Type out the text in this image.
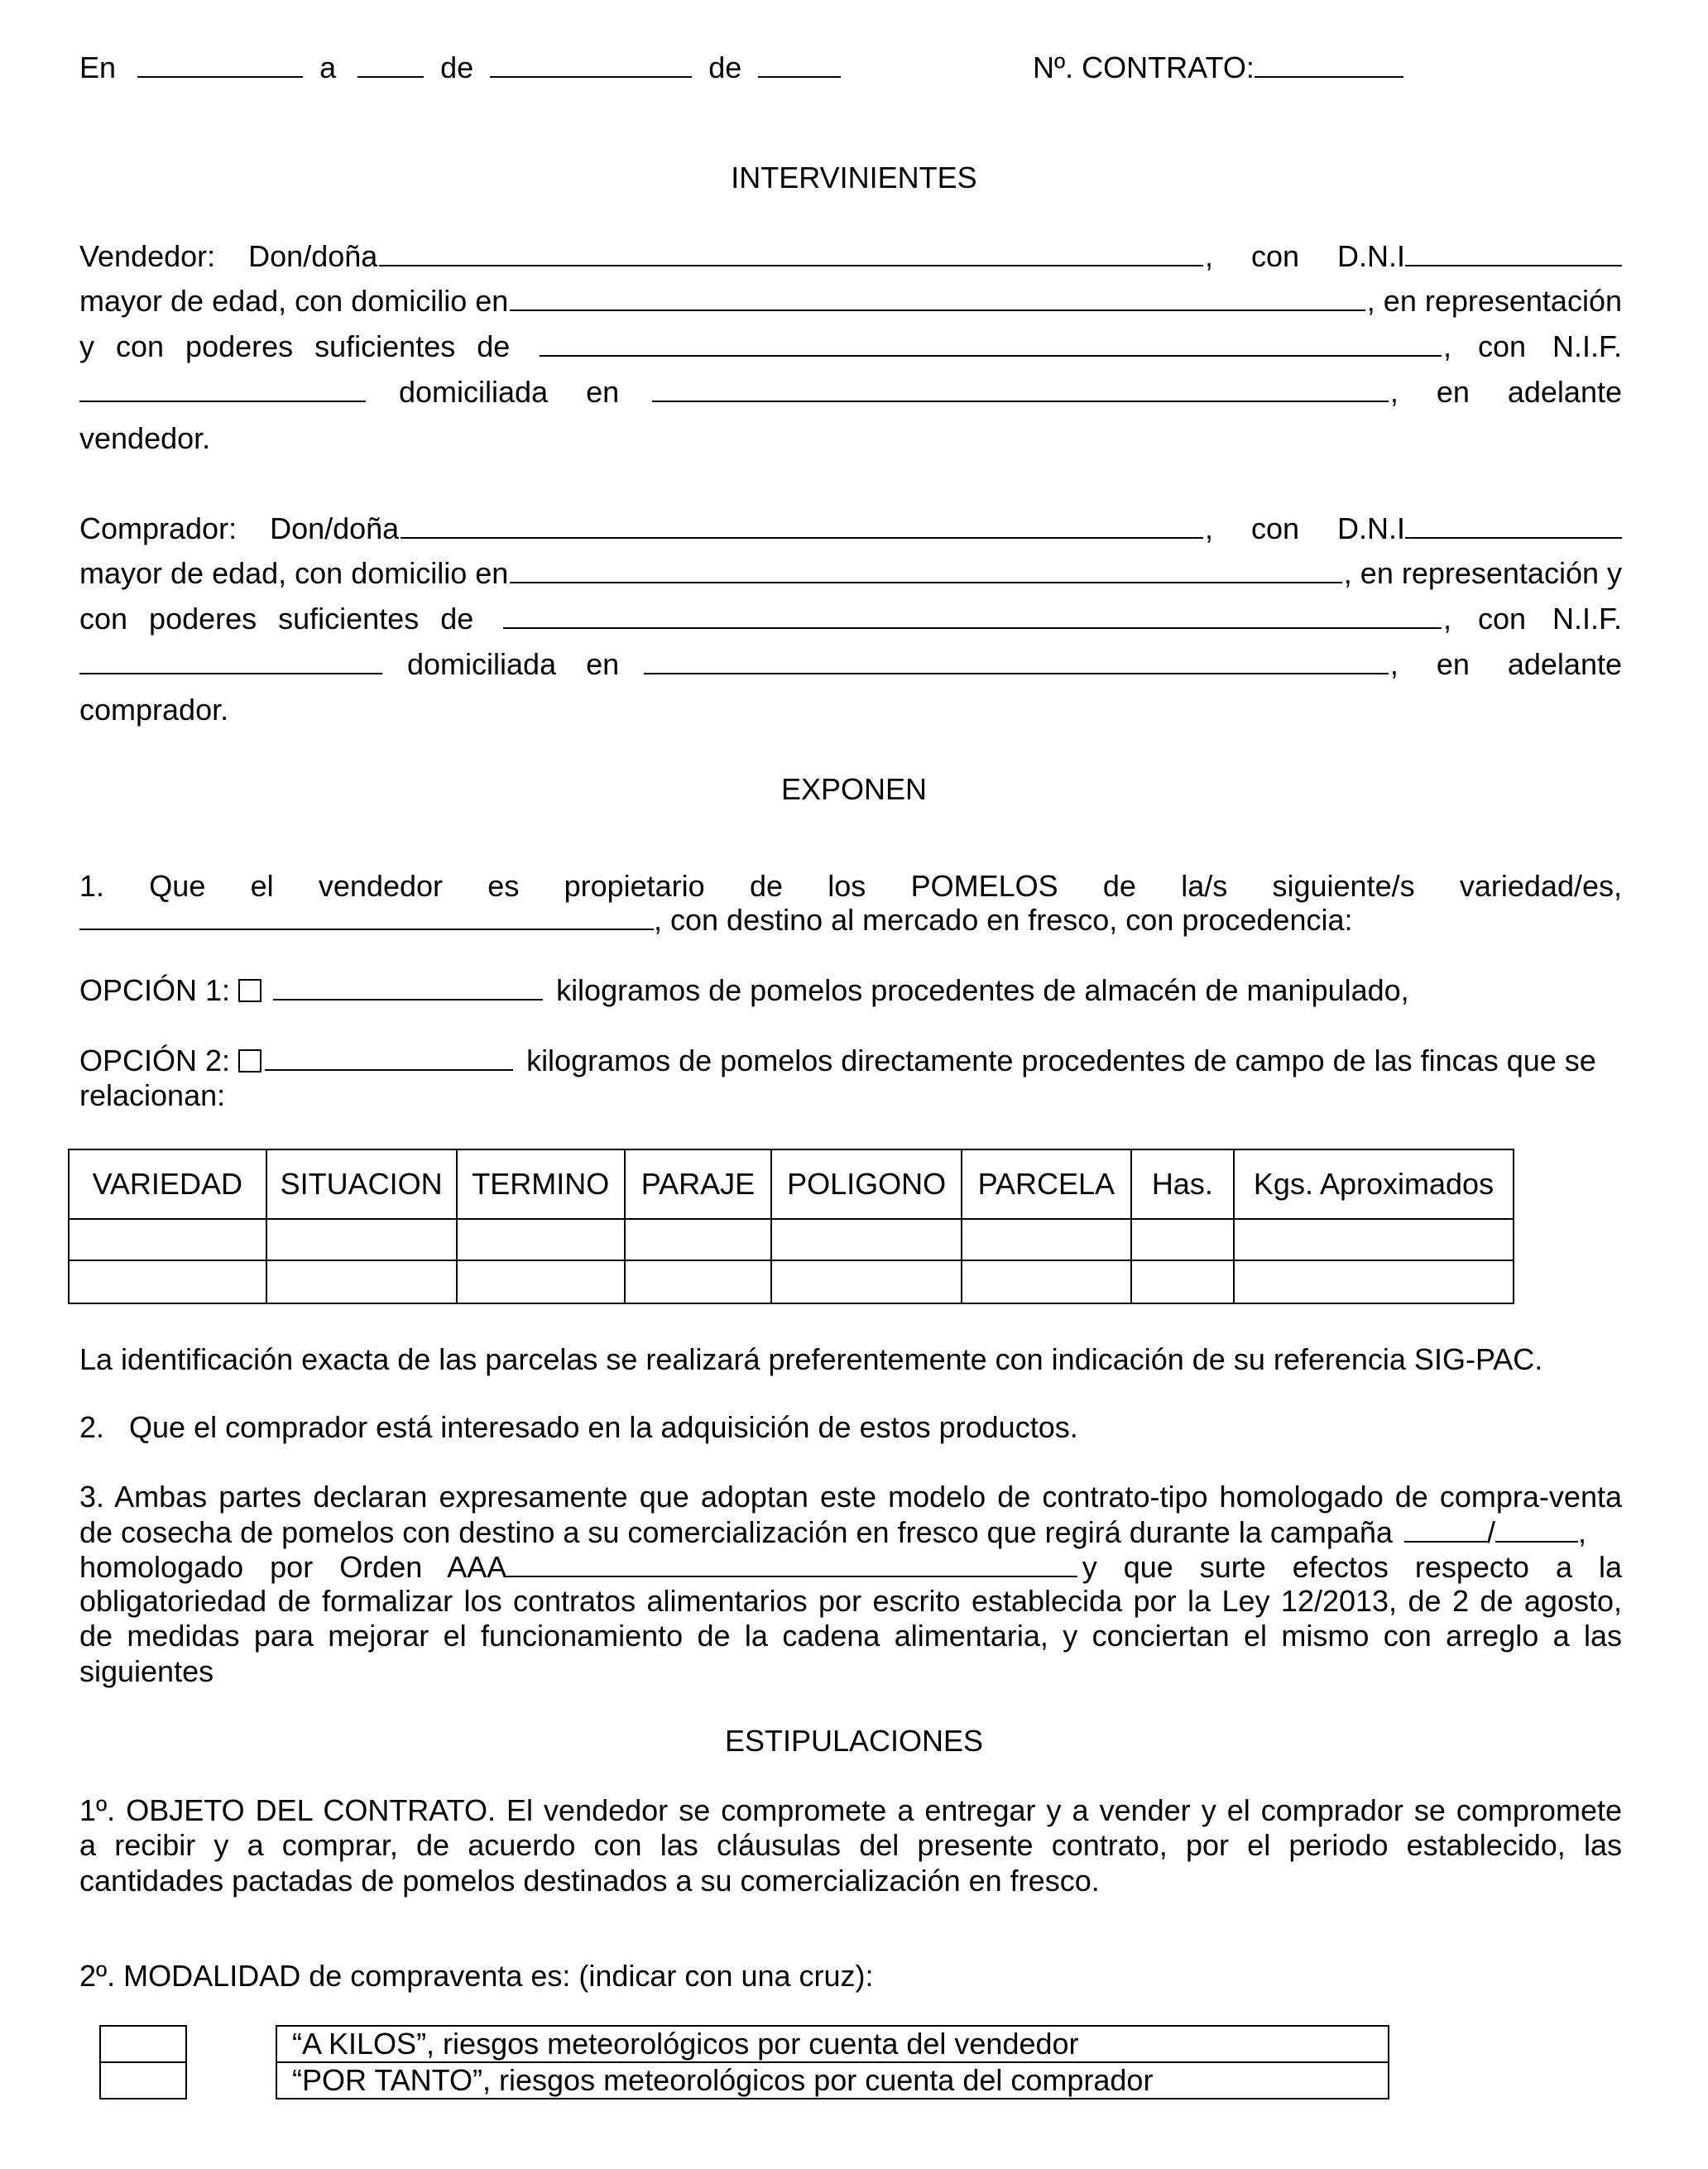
En	a	de	de	Nº. CONTRATO:
INTERVINIENTES
Vendedor: Don/doña	, con D.N.I
mayor de edad, con domicilio en	, en representación
y con poderes suficientes de	, con N.I.F.
domiciliada en	, en adelante
vendedor.
Comprador: Don/doña	, con D.N.I
mayor de edad, con domicilio en	, en representación y
con poderes suficientes de	, con N.I.F.
domiciliada en	, en adelante
comprador.
EXPONEN
1. Que el vendedor es propietario de los POMELOS de la/s siguiente/s variedad/es,
, con destino al mercado en fresco, con procedencia:
OPCIÓN 1:	kilogramos de pomelos procedentes de almacén de manipulado,
OPCIÓN 2:	kilogramos de pomelos directamente procedentes de campo de las fincas que se
relacionan:
VARIEDAD	SITUACION	TERMINO	PARAJE	POLIGONO	PARCELA	Has.	Kgs. Aproximados

La identificación exacta de las parcelas se realizará preferentemente con indicación de su referencia SIG-PAC.
2.   Que el comprador está interesado en la adquisición de estos productos.
3. Ambas partes declaran expresamente que adoptan este modelo de contrato-tipo homologado de compra-venta
de cosecha de pomelos con destino a su comercialización en fresco que regirá durante la campaña	/	,
homologado por Orden AAA	y que surte efectos respecto a la
obligatoriedad de formalizar los contratos alimentarios por escrito establecida por la Ley 12/2013, de 2 de agosto,
de medidas para mejorar el funcionamiento de la cadena alimentaria, y conciertan el mismo con arreglo a las
siguientes
ESTIPULACIONES
1º. OBJETO DEL CONTRATO. El vendedor se compromete a entregar y a vender y el comprador se compromete
a recibir y a comprar, de acuerdo con las cláusulas del presente contrato, por el periodo establecido, las
cantidades pactadas de pomelos destinados a su comercialización en fresco.
2º. MODALIDAD de compraventa es: (indicar con una cruz):

“A KILOS”, riesgos meteorológicos por cuenta del vendedor
“POR TANTO”, riesgos meteorológicos por cuenta del comprador
